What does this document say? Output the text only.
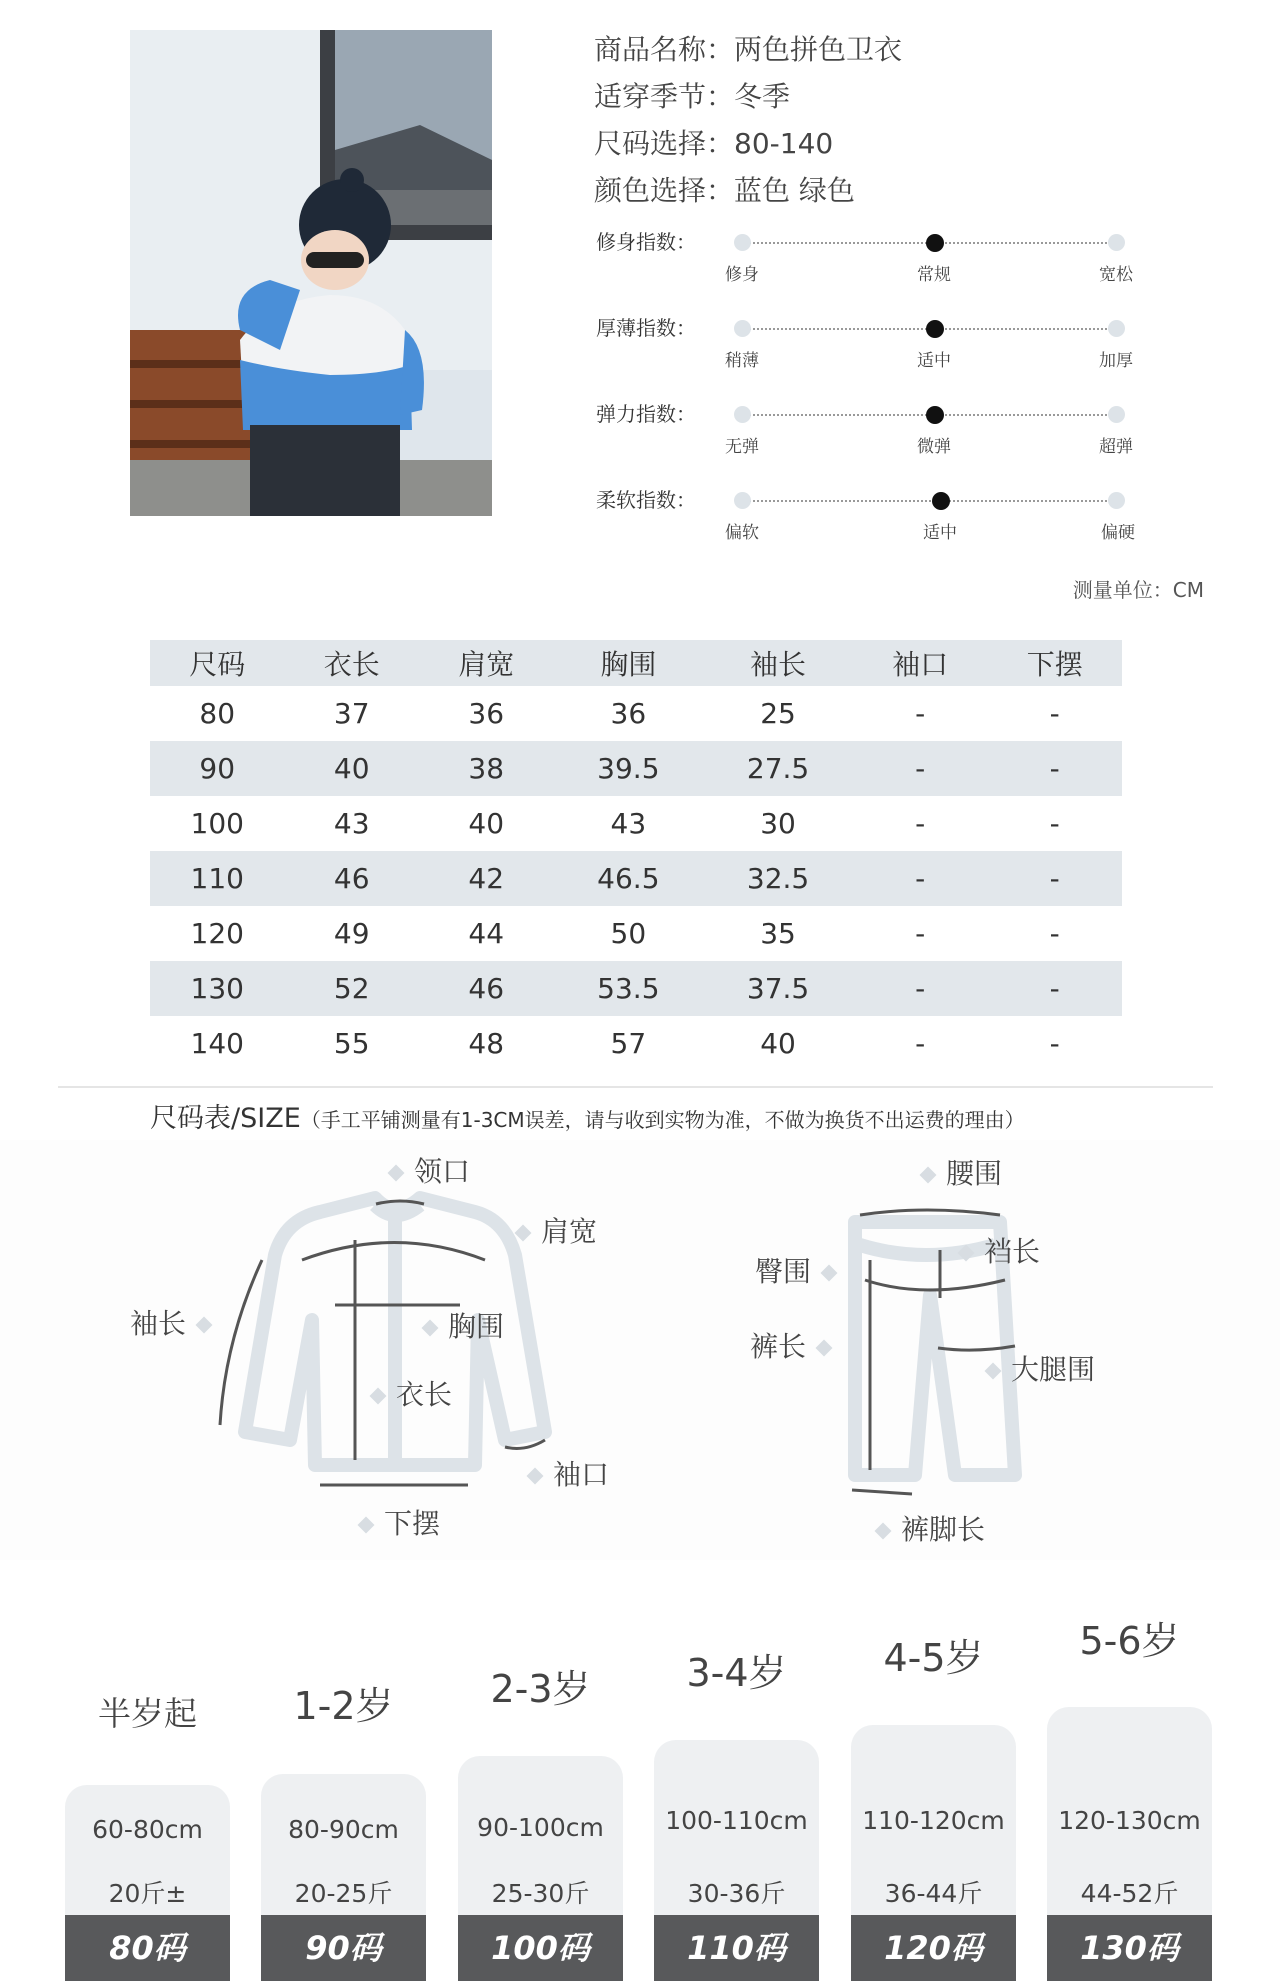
商品名称：两色拼色卫衣
适穿季节：冬季
尺码选择：80-140
颜色选择：蓝色 绿色
修身指数：
修身	常规	宽松
厚薄指数：
稍薄	适中	加厚
弹力指数：
无弹	微弹	超弹
柔软指数：
偏软	适中	偏硬
测量单位：CM
尺码	衣长	肩宽	胸围	袖长	袖口	下摆
80	37	36	36	25	-	-
90	40	38	39.5	27.5	-	-
100	43	40	43	30	-	-
110	46	42	46.5	32.5	-	-
120	49	44	50	35	-	-
130	52	46	53.5	37.5	-	-
140	55	48	57	40	-	-
尺码表/SIZE（手工平铺测量有1-3CM误差，请与收到实物为准，不做为换货不出运费的理由）
领口
肩宽
袖长	胸围
衣长
袖口
下摆
腰围
裆长
臀围
裤长
大腿围
裤脚长
半岁起
60-80cm
20斤±
80码
1-2岁
80-90cm
20-25斤
90码
2-3岁
90-100cm
25-30斤
100码
3-4岁
100-110cm
30-36斤
110码
4-5岁
110-120cm
36-44斤
120码
5-6岁
120-130cm
44-52斤
130码
